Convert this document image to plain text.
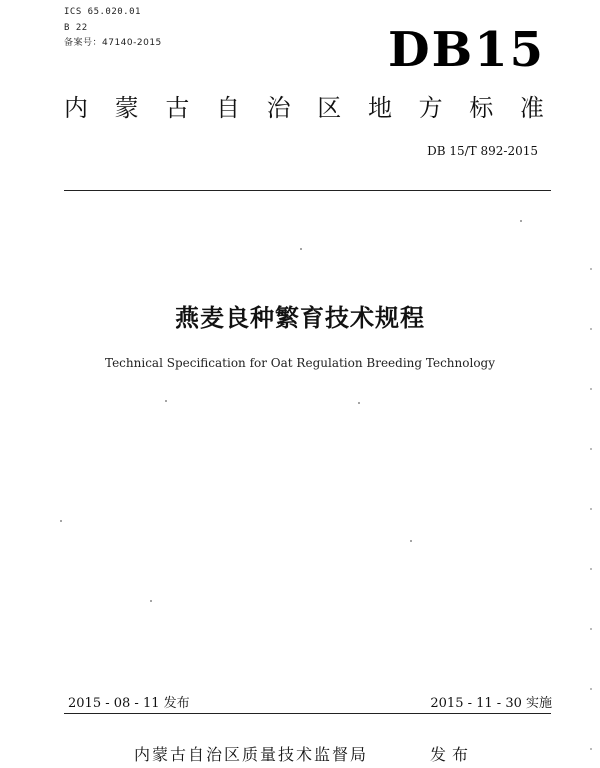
ICS 65.020.01
B 22
备案号：47140-2015	DB15
内 蒙 古 自 治 区 地 方 标 准
DB 15/T 892-2015
燕麦良种繁育技术规程
Technical Specification for Oat Regulation Breeding Technology
2015 - 08 - 11 发布	2015 - 11 - 30 实施
内蒙古自治区质量技术监督局	发布
